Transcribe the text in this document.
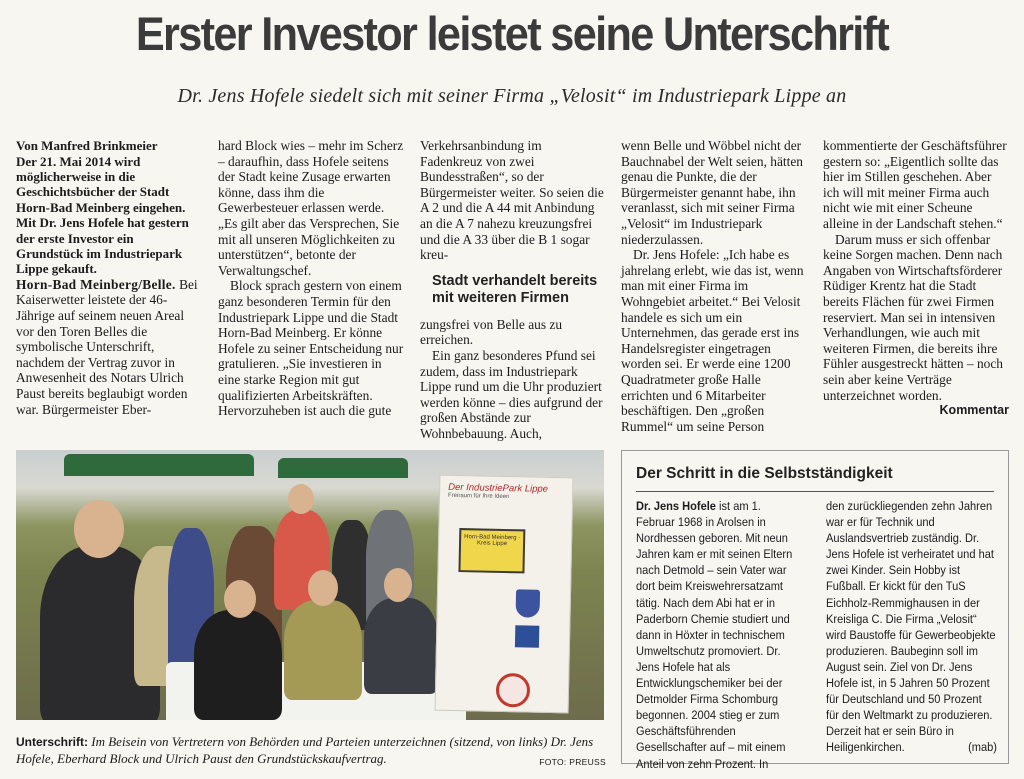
Erster Investor leistet seine Unterschrift
Dr. Jens Hofele siedelt sich mit seiner Firma „Velosit“ im Industriepark Lippe an

Von Manfred Brinkmeier

Der 21. Mai 2014 wird möglicherweise in die Geschichtsbücher der Stadt Horn-Bad Meinberg eingehen. Mit Dr. Jens Hofele hat gestern der erste Investor ein Grundstück im Industriepark Lippe gekauft.

Horn-Bad Meinberg/Belle. Bei Kaiserwetter leistete der 46-Jährige auf seinem neuen Areal vor den Toren Belles die symbolische Unterschrift, nachdem der Vertrag zuvor in Anwesenheit des Notars Ulrich Paust bereits beglaubigt worden war. Bürgermeister Eber-

hard Block wies – mehr im Scherz – daraufhin, dass Hofele seitens der Stadt keine Zusage erwarten könne, dass ihm die Gewerbesteuer erlassen werde. „Es gilt aber das Versprechen, Sie mit all unseren Möglichkeiten zu unterstützen“, betonte der Verwaltungschef.

Block sprach gestern von einem ganz besonderen Termin für den Industriepark Lippe und die Stadt Horn-Bad Meinberg. Er könne Hofele zu seiner Entscheidung nur gratulieren. „Sie investieren in eine starke Region mit gut qualifizierten Arbeitskräften. Hervorzuheben ist auch die gute

Verkehrsanbindung im Fadenkreuz von zwei Bundesstraßen“, so der Bürgermeister weiter. So seien die A 2 und die A 44 mit Anbindung an die A 7 nahezu kreuzungsfrei und die A 33 über die B 1 sogar kreu-

Stadt verhandelt bereits mit weiteren Firmen

zungsfrei von Belle aus zu erreichen.

Ein ganz besonderes Pfund sei zudem, dass im Industriepark Lippe rund um die Uhr produziert werden könne – dies aufgrund der großen Abstände zur Wohnbebauung. Auch,

wenn Belle und Wöbbel nicht der Bauchnabel der Welt seien, hätten genau die Punkte, die der Bürgermeister genannt habe, ihn veranlasst, sich mit seiner Firma „Velosit“ im Industriepark niederzulassen.

Dr. Jens Hofele: „Ich habe es jahrelang erlebt, wie das ist, wenn man mit einer Firma im Wohngebiet arbeitet.“ Bei Velosit handele es sich um ein Unternehmen, das gerade erst ins Handelsregister eingetragen worden sei. Er werde eine 1200 Quadratmeter große Halle errichten und 6 Mitarbeiter beschäftigen. Den „großen Rummel“ um seine Person

kommentierte der Geschäftsführer gestern so: „Eigentlich sollte das hier im Stillen geschehen. Aber ich will mit meiner Firma auch nicht wie mit einer Scheune alleine in der Landschaft stehen.“

Darum muss er sich offenbar keine Sorgen machen. Denn nach Angaben von Wirtschaftsförderer Rüdiger Krentz hat die Stadt bereits Flächen für zwei Firmen reserviert. Man sei in intensiven Verhandlungen, wie auch mit weiteren Firmen, die bereits ihre Fühler ausgestreckt hätten – noch sein aber keine Verträge unterzeichnet worden.
Kommentar

Der IndustriePark Lippe
Freiraum für Ihre Ideen
Horn-Bad Meinberg · Kreis Lippe
Unterschrift: Im Beisein von Vertretern von Behörden und Parteien unterzeichnen (sitzend, von links) Dr. Jens Hofele, Eberhard Block und Ulrich Paust den Grundstückskaufvertrag.	FOTO: PREUSS
Der Schritt in die Selbstständigkeit
Dr. Jens Hofele ist am 1. Februar 1968 in Arolsen in Nordhessen geboren. Mit neun Jahren kam er mit seinen Eltern nach Detmold – sein Vater war dort beim Kreiswehrersatzamt tätig. Nach dem Abi hat er in Paderborn Chemie studiert und dann in Höxter in technischem Umweltschutz promoviert. Dr. Jens Hofele hat als Entwicklungschemiker bei der Detmolder Firma Schomburg begonnen. 2004 stieg er zum Geschäftsführenden Gesellschafter auf – mit einem Anteil von zehn Prozent. In
den zurückliegenden zehn Jahren war er für Technik und Auslandsvertrieb zuständig. Dr. Jens Hofele ist verheiratet und hat zwei Kinder. Sein Hobby ist Fußball. Er kickt für den TuS Eichholz-Remmighausen in der Kreisliga C. Die Firma „Velosit“ wird Baustoffe für Gewerbeobjekte produzieren. Baubeginn soll im August sein. Ziel von Dr. Jens Hofele ist, in 5 Jahren 50 Prozent für Deutschland und 50 Prozent für den Weltmarkt zu produzieren. Derzeit hat er sein Büro in Heiligenkirchen.	(mab)
